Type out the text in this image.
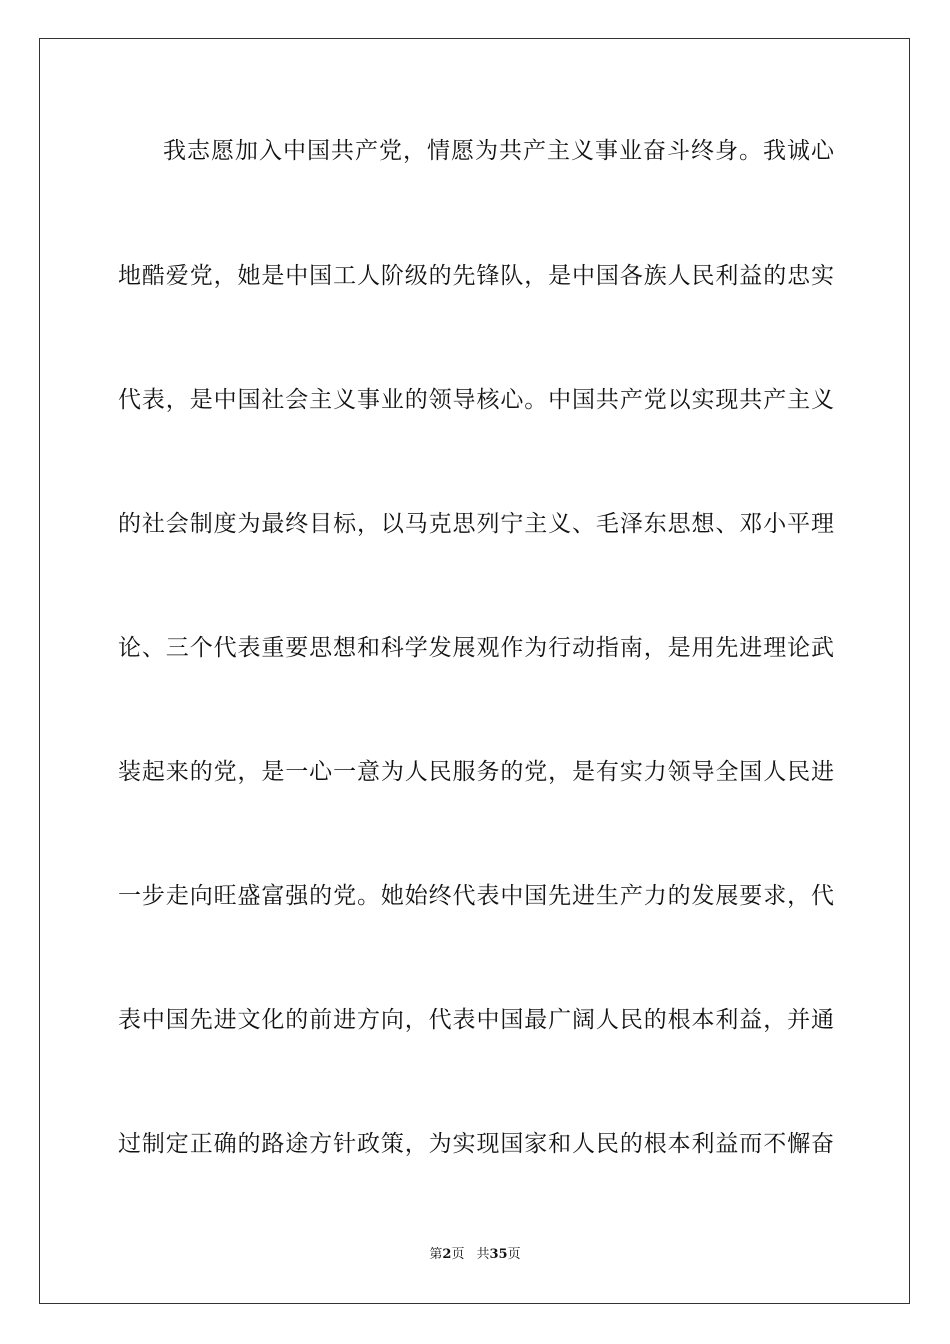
我志愿加入中国共产党，情愿为共产主义事业奋斗终身。我诚心
地酷爱党，她是中国工人阶级的先锋队，是中国各族人民利益的忠实
代表，是中国社会主义事业的领导核心。中国共产党以实现共产主义
的社会制度为最终目标，以马克思列宁主义、毛泽东思想、邓小平理
论、三个代表重要思想和科学发展观作为行动指南，是用先进理论武
装起来的党，是一心一意为人民服务的党，是有实力领导全国人民进
一步走向旺盛富强的党。她始终代表中国先进生产力的发展要求，代
表中国先进文化的前进方向，代表中国最广阔人民的根本利益，并通
过制定正确的路途方针政策，为实现国家和人民的根本利益而不懈奋
第2页 共35页
